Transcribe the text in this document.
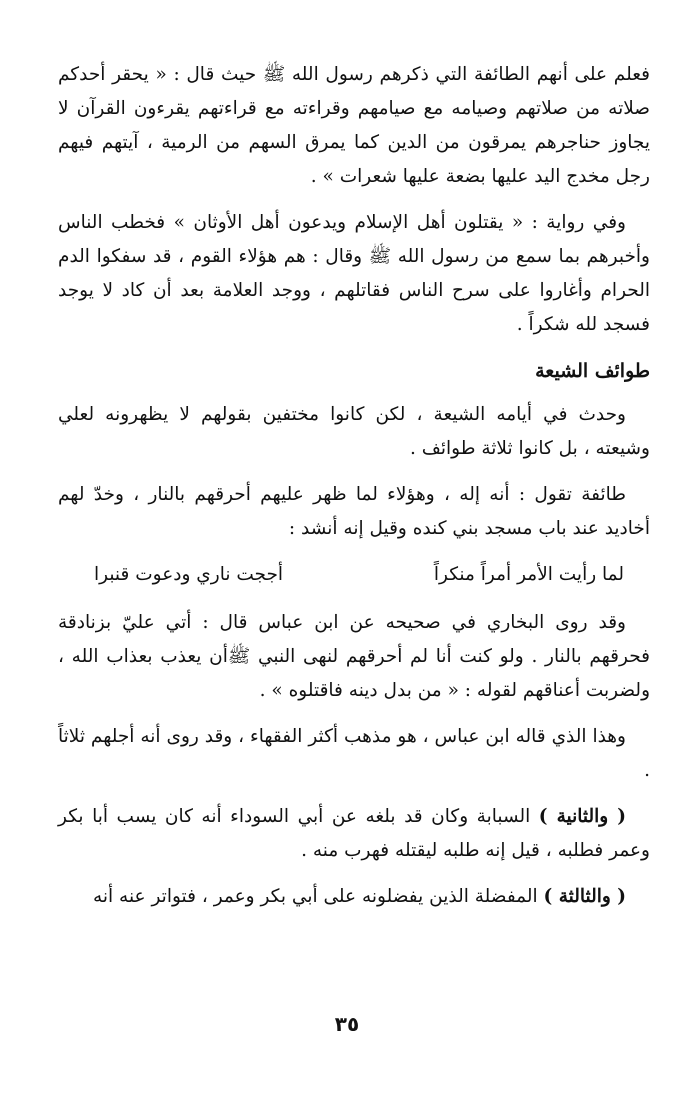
فعلم على أنهم الطائفة التي ذكرهم رسول الله ﷺ حيث قال : « يحقر أحدكم صلاته من صلاتهم وصيامه مع صيامهم وقراءته مع قراءتهم يقرءون القرآن لا يجاوز حناجرهم يمرقون من الدين كما يمرق السهم من الرمية ، آيتهم فيهم رجل مخدج اليد عليها بضعة عليها شعرات » .

وفي رواية : « يقتلون أهل الإسلام ويدعون أهل الأوثان » فخطب الناس وأخبرهم بما سمع من رسول الله ﷺ وقال : هم هؤلاء القوم ، قد سفكوا الدم الحرام وأغاروا على سرح الناس فقاتلهم ، ووجد العلامة بعد أن كاد لا يوجد فسجد لله شكراً .

طوائف الشيعة

وحدث في أيامه الشيعة ، لكن كانوا مختفين بقولهم لا يظهرونه لعلي وشيعته ، بل كانوا ثلاثة طوائف .

طائفة تقول : أنه إله ، وهؤلاء لما ظهر عليهم أحرقهم بالنار ، وخدّ لهم أخاديد عند باب مسجد بني كنده وقيل إنه أنشد :

لما رأيت الأمر أمراً منكراً
أججت ناري ودعوت قنبرا

وقد روى البخاري في صحيحه عن ابن عباس قال : أتي عليّ بزنادقة فحرقهم بالنار . ولو كنت أنا لم أحرقهم لنهى النبي ﷺأن يعذب بعذاب الله ، ولضربت أعناقهم لقوله : « من بدل دينه فاقتلوه » .

وهذا الذي قاله ابن عباس ، هو مذهب أكثر الفقهاء ، وقد روى أنه أجلهم ثلاثاً .

( والثانية ) السبابة وكان قد بلغه عن أبي السوداء أنه كان يسب أبا بكر وعمر فطلبه ، قيل إنه طلبه ليقتله فهرب منه .

( والثالثة ) المفضلة الذين يفضلونه على أبي بكر وعمر ، فتواتر عنه أنه

٣٥
